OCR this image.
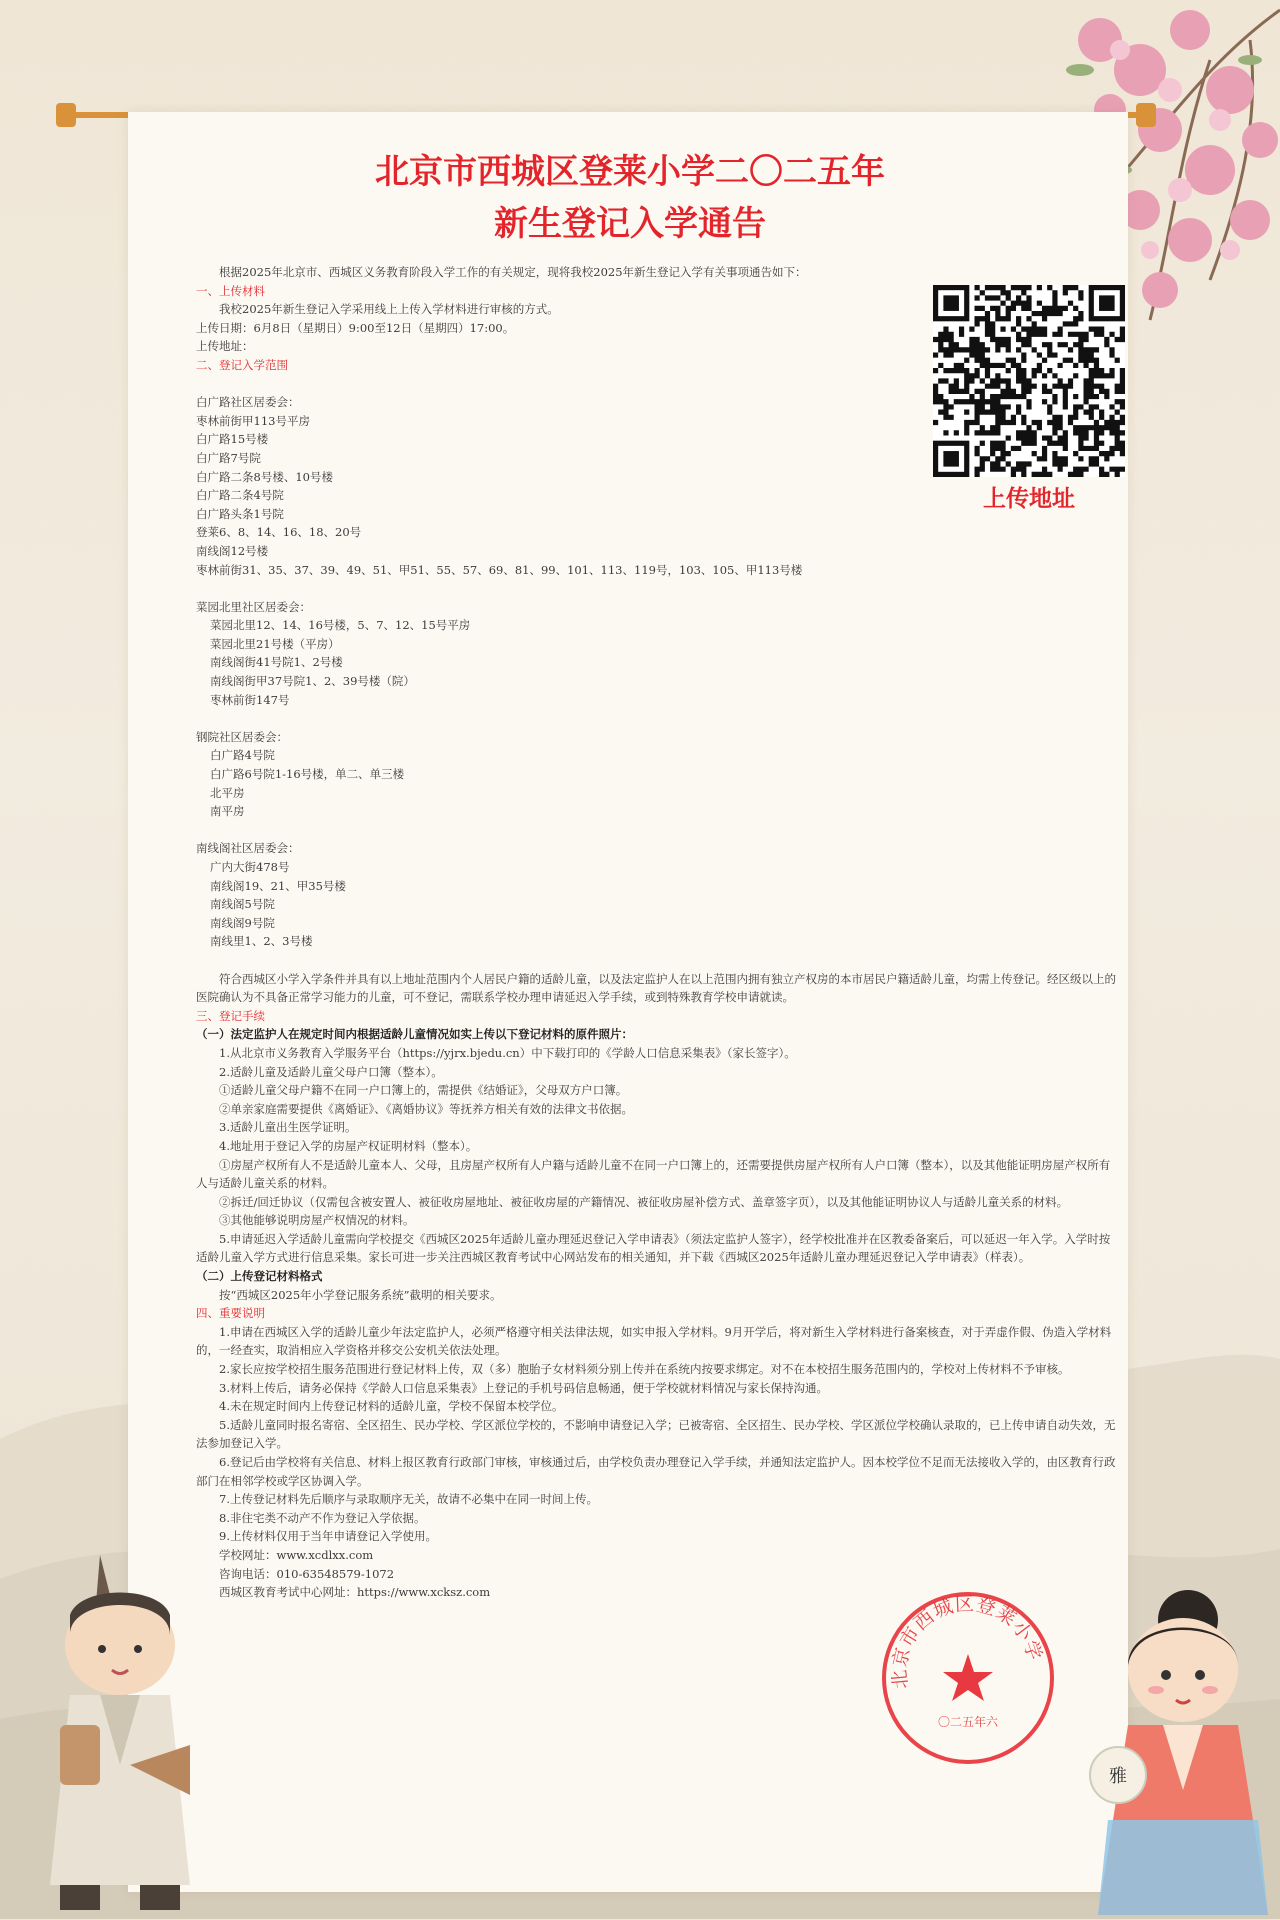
北京市西城区登莱小学二〇二五年
新生登记入学通告
根据2025年北京市、西城区义务教育阶段入学工作的有关规定，现将我校2025年新生登记入学有关事项通告如下：
一、上传材料
我校2025年新生登记入学采用线上上传入学材料进行审核的方式。
上传日期：6月8日（星期日）9:00至12日（星期四）17:00。
上传地址：
二、登记入学范围
白广路社区居委会：
枣林前街甲113号平房
白广路15号楼
白广路7号院
白广路二条8号楼、10号楼
白广路二条4号院
白广路头条1号院
登莱6、8、14、16、18、20号
南线阁12号楼
枣林前街31、35、37、39、49、51、甲51、55、57、69、81、99、101、113、119号，103、105、甲113号楼
菜园北里社区居委会：
菜园北里12、14、16号楼，5、7、12、15号平房
菜园北里21号楼（平房）
南线阁街41号院1、2号楼
南线阁街甲37号院1、2、39号楼（院）
枣林前街147号
钢院社区居委会：
白广路4号院
白广路6号院1-16号楼，单二、单三楼
北平房
南平房
南线阁社区居委会：
广内大街478号
南线阁19、21、甲35号楼
南线阁5号院
南线阁9号院
南线里1、2、3号楼
符合西城区小学入学条件并具有以上地址范围内个人居民户籍的适龄儿童，以及法定监护人在以上范围内拥有独立产权房的本市居民户籍适龄儿童，均需上传登记。经区级以上的医院确认为不具备正常学习能力的儿童，可不登记，需联系学校办理申请延迟入学手续，或到特殊教育学校申请就读。
三、登记手续
（一）法定监护人在规定时间内根据适龄儿童情况如实上传以下登记材料的原件照片：
1.从北京市义务教育入学服务平台（https://yjrx.bjedu.cn）中下载打印的《学龄人口信息采集表》（家长签字）。
2.适龄儿童及适龄儿童父母户口簿（整本）。
①适龄儿童父母户籍不在同一户口簿上的，需提供《结婚证》，父母双方户口簿。
②单亲家庭需要提供《离婚证》、《离婚协议》等抚养方相关有效的法律文书依据。
3.适龄儿童出生医学证明。
4.地址用于登记入学的房屋产权证明材料（整本）。
①房屋产权所有人不是适龄儿童本人、父母，且房屋产权所有人户籍与适龄儿童不在同一户口簿上的，还需要提供房屋产权所有人户口簿（整本），以及其他能证明房屋产权所有人与适龄儿童关系的材料。
②拆迁/回迁协议（仅需包含被安置人、被征收房屋地址、被征收房屋的产籍情况、被征收房屋补偿方式、盖章签字页），以及其他能证明协议人与适龄儿童关系的材料。
③其他能够说明房屋产权情况的材料。
5.申请延迟入学适龄儿童需向学校提交《西城区2025年适龄儿童办理延迟登记入学申请表》（须法定监护人签字），经学校批准并在区教委备案后，可以延迟一年入学。入学时按适龄儿童入学方式进行信息采集。家长可进一步关注西城区教育考试中心网站发布的相关通知，并下载《西城区2025年适龄儿童办理延迟登记入学申请表》（样表）。
（二）上传登记材料格式
按“西城区2025年小学登记服务系统”截明的相关要求。
四、重要说明
1.申请在西城区入学的适龄儿童少年法定监护人，必须严格遵守相关法律法规，如实申报入学材料。9月开学后，将对新生入学材料进行备案核查，对于弄虚作假、伪造入学材料的，一经查实，取消相应入学资格并移交公安机关依法处理。
2.家长应按学校招生服务范围进行登记材料上传，双（多）胞胎子女材料须分别上传并在系统内按要求绑定。对不在本校招生服务范围内的，学校对上传材料不予审核。
3.材料上传后，请务必保持《学龄人口信息采集表》上登记的手机号码信息畅通，便于学校就材料情况与家长保持沟通。
4.未在规定时间内上传登记材料的适龄儿童，学校不保留本校学位。
5.适龄儿童同时报名寄宿、全区招生、民办学校、学区派位学校的，不影响申请登记入学；已被寄宿、全区招生、民办学校、学区派位学校确认录取的，已上传申请自动失效，无法参加登记入学。
6.登记后由学校将有关信息、材料上报区教育行政部门审核，审核通过后，由学校负责办理登记入学手续，并通知法定监护人。因本校学位不足而无法接收入学的，由区教育行政部门在相邻学校或学区协调入学。
7.上传登记材料先后顺序与录取顺序无关，故请不必集中在同一时间上传。
8.非住宅类不动产不作为登记入学依据。
9.上传材料仅用于当年申请登记入学使用。
学校网址：www.xcdlxx.com
咨询电话：010-63548579-1072
西城区教育考试中心网址：https://www.xcksz.com
上传地址
北京市西城区登莱小学
〇二五年六
雅
